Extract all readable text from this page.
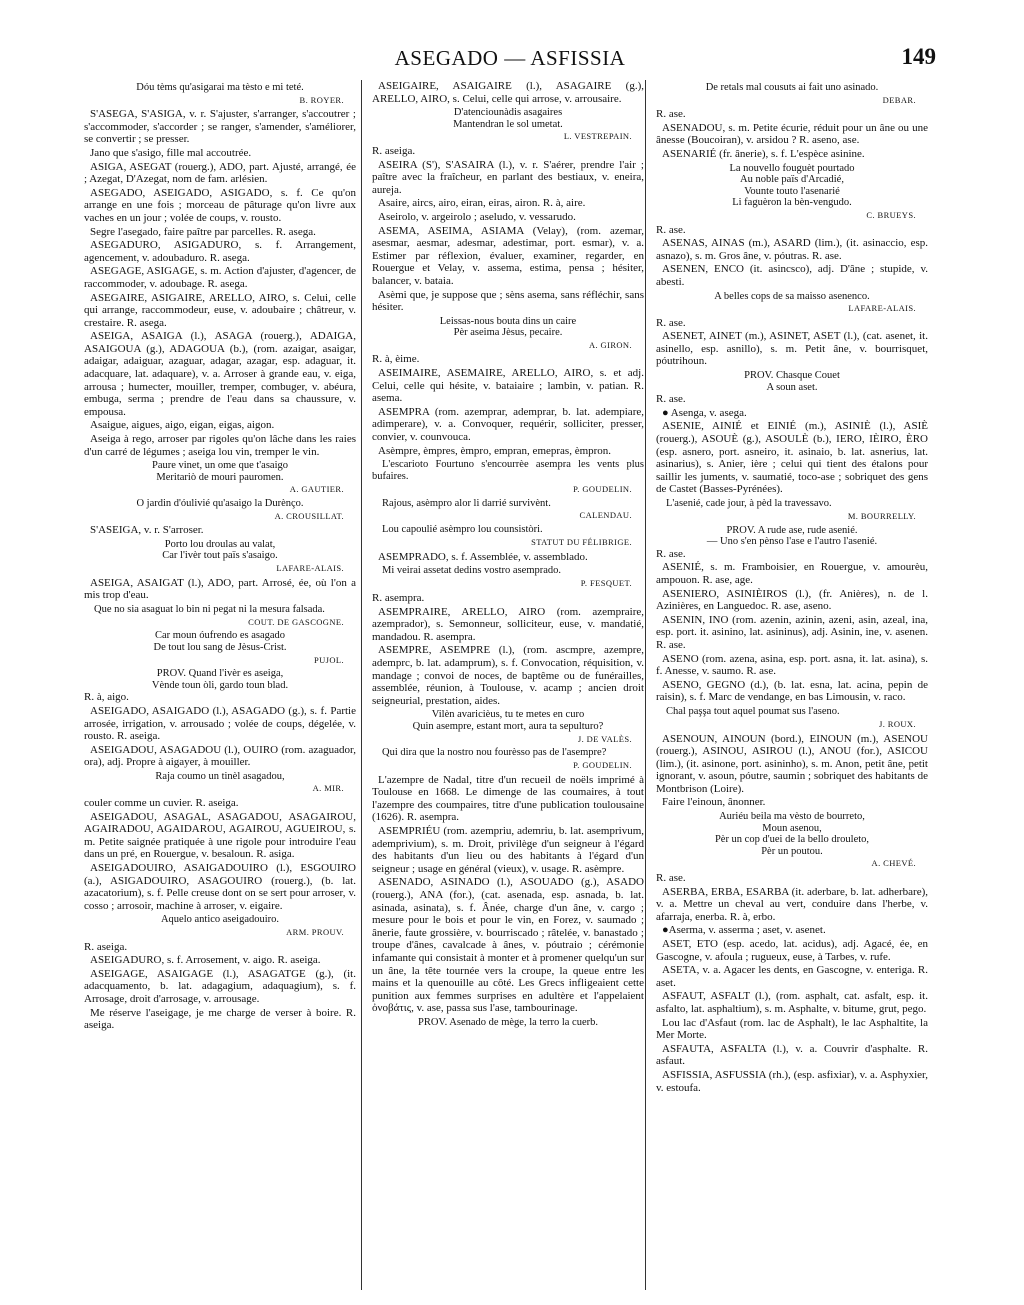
ASEGADO — ASFISSIA	149
Dóu tèms qu'asigarai ma tèsto e mi teté.
B. ROYER.

S'ASEGA, S'ASIGA, v. r. S'ajuster, s'arranger, s'accoutrer ; s'accommoder, s'accorder ; se ranger, s'amender, s'améliorer, se convertir ; se presser.

Jano que s'asigo, fille mal accoutrée.

ASIGA, ASEGAT (rouerg.), ADO, part. Ajusté, arrangé, ée ; Azegat, D'Azegat, nom de fam. arlésien.

ASEGADO, ASEIGADO, ASIGADO, s. f. Ce qu'on arrange en une fois ; morceau de pâturage qu'on livre aux vaches en un jour ; volée de coups, v. rousto.

Segre l'asegado, faire paître par parcelles. R. asega.

ASEGADURO, ASIGADURO, s. f. Arrangement, agencement, v. adoubaduro. R. asega.

ASEGAGE, ASIGAGE, s. m. Action d'ajuster, d'agencer, de raccommoder, v. adoubage. R. asega.

ASEGAIRE, ASIGAIRE, ARELLO, AIRO, s. Celui, celle qui arrange, raccommodeur, euse, v. adoubaire ; châtreur, v. crestaire. R. asega.

ASEIGA, ASAIGA (l.), ASAGA (rouerg.), ADAIGA, ASAIGOUA (g.), ADAGOUA (b.), (rom. azaigar, asaigar, adaigar, adaiguar, azaguar, adagar, azagar, esp. adaguar, it. adacquare, lat. adaquare), v. a. Arroser à grande eau, v. eiga, arrousa ; humecter, mouiller, tremper, combuger, v. abéura, embuga, serma ; prendre de l'eau dans sa chaussure, v. empousa.

Asaigue, aigues, aigo, eigan, eigas, aigon.

Aseiga à rego, arroser par rigoles qu'on lâche dans les raies d'un carré de légumes ; aseiga lou vin, tremper le vin.

Paure vinet, un ome que t'asaigo
Meritariò de mouri pauromen.
A. GAUTIER.
O jardin d'óulivié qu'asaigo la Durènço.
A. CROUSILLAT.

S'ASEIGA, v. r. S'arroser.

Porto lou droulas au valat,
Car l'ivèr tout païs s'asaigo.
LAFARE-ALAIS.

ASEIGA, ASAIGAT (l.), ADO, part. Arrosé, ée, où l'on a mis trop d'eau.

Que no sia asaguat lo bin ni pegat ni la mesura falsada.
COUT. DE GASCOGNE.
Car moun óufrendo es asagado
De tout lou sang de Jèsus-Crist.
PUJOL.
PROV. Quand l'ivèr es aseiga,
Vènde toun òli, gardo toun blad.

R. à, aigo.

ASEIGADO, ASAIGADO (l.), ASAGADO (g.), s. f. Partie arrosée, irrigation, v. arrousado ; volée de coups, dégelée, v. rousto. R. aseiga.

ASEIGADOU, ASAGADOU (l.), OUIRO (rom. azaguador, ora), adj. Propre à aigayer, à mouiller.

Raja coumo un tinèl asagadou,
A. MIR.

couler comme un cuvier. R. aseiga.

ASEIGADOU, ASAGAL, ASAGADOU, ASAGAIROU, AGAIRADOU, AGAIDAROU, AGAIROU, AGUEIROU, s. m. Petite saignée pratiquée à une rigole pour introduire l'eau dans un pré, en Rouergue, v. besaloun. R. asiga.

ASEIGADOUIRO, ASAIGADOUIRO (l.), ESGOUIRO (a.), ASIGADOUIRO, ASAGOUIRO (rouerg.), (b. lat. azacatorium), s. f. Pelle creuse dont on se sert pour arroser, v. cosso ; arrosoir, machine à arroser, v. eigaire.

Aquelo antico aseigadouiro.
ARM. PROUV.

R. aseiga.

ASEIGADURO, s. f. Arrosement, v. aigo. R. aseiga.

ASEIGAGE, ASAIGAGE (l.), ASAGATGE (g.), (it. adacquamento, b. lat. adagagium, adaquagium), s. f. Arrosage, droit d'arrosage, v. arrousage.

Me réserve l'aseigage, je me charge de verser à boire. R. aseiga.

ASEIGAIRE, ASAIGAIRE (l.), ASAGAIRE (g.), ARELLO, AIRO, s. Celui, celle qui arrose, v. arrousaire.

D'atenciounàdis asagaires
Mantendran le sol umetat.
L. VESTREPAIN.

R. aseiga.

ASEIRA (S'), S'ASAIRA (l.), v. r. S'aérer, prendre l'air ; paître avec la fraîcheur, en parlant des bestiaux, v. eneira, aureja.

Asaire, aircs, airo, eiran, eiras, airon. R. à, aire.

Aseirolo, v. argeirolo ; aseludo, v. vessarudo.

ASEMA, ASEIMA, ASIAMA (Velay), (rom. azemar, asesmar, aesmar, adesmar, adestimar, port. esmar), v. a. Estimer par réflexion, évaluer, examiner, regarder, en Rouergue et Velay, v. assema, estima, pensa ; hésiter, balancer, v. bataia.

Asèmi que, je suppose que ; sèns asema, sans réfléchir, sans hésiter.

Leissas-nous bouta dins un caire
Pèr aseima Jèsus, pecaire.
A. GIRON.

R. à, èime.

ASEIMAIRE, ASEMAIRE, ARELLO, AIRO, s. et adj. Celui, celle qui hésite, v. bataiaire ; lambin, v. patian. R. asema.

ASEMPRA (rom. azemprar, ademprar, b. lat. adempiare, adimperare), v. a. Convoquer, requérir, solliciter, presser, convier, v. counvouca.

Asèmpre, èmpres, èmpro, empran, emepras, èmpron.

L'escarioto Fourtuno s'encourrèe asempra les vents plus bufaires.
P. GOUDELIN.
Rajous, asèmpro alor li darrié survivènt.
CALENDAU.
Lou capoulié asèmpro lou counsistòri.
STATUT DU FÉLIBRIGE.

ASEMPRADO, s. f. Assemblée, v. assemblado.

Mi veirai assetat dedins vostro asemprado.
P. FESQUET.

R. asempra.

ASEMPRAIRE, ARELLO, AIRO (rom. azempraire, azemprador), s. Semonneur, solliciteur, euse, v. mandatié, mandadou. R. asempra.

ASEMPRE, ASEMPRE (l.), (rom. ascmpre, azempre, ademprc, b. lat. adamprum), s. f. Convocation, réquisition, v. mandage ; convoi de noces, de baptême ou de funérailles, assemblée, réunion, à Toulouse, v. acamp ; ancien droit seigneurial, prestation, aides.

Vilèn avaricièus, tu te metes en curo
Quin asempre, estant mort, aura ta sepulturo?
J. DE VALÈS.
Qui dira que la nostro nou fourèsso pas de l'asempre?
P. GOUDELIN.

L'azempre de Nadal, titre d'un recueil de noëls imprimé à Toulouse en 1668. Le dimenge de las coumaires, à tout l'azempre des coumpaires, titre d'une publication toulousaine (1626). R. asempra.

ASEMPRIÉU (rom. azempriu, ademriu, b. lat. asemprivum, ademprivium), s. m. Droit, privilège d'un seigneur à l'égard des habitants d'un lieu ou des habitants à l'égard d'un seigneur ; usage en général (vieux), v. usage. R. asèmpre.

ASENADO, ASINADO (l.), ASOUADO (g.), ASADO (rouerg.), ANA (for.), (cat. asenada, esp. asnada, b. lat. asinada, asinata), s. f. Ânée, charge d'un âne, v. cargo ; mesure pour le bois et pour le vin, en Forez, v. saumado ; ânerie, faute grossière, v. bourriscado ; râtelée, v. banastado ; troupe d'ânes, cavalcade à ânes, v. póutraio ; cérémonie infamante qui consistait à monter et à promener quelqu'un sur un âne, la tête tournée vers la croupe, la queue entre les mains et la quenouille au côté. Les Grecs infligeaient cette punition aux femmes surprises en adultère et l'appelaient ὀνοβάτις, v. ase, passa sus l'ase, tambourinage.

PROV. Asenado de mège, la terro la cuerb.
De retals mal cousuts ai fait uno asinado.
DEBAR.

R. ase.

ASENADOU, s. m. Petite écurie, réduit pour un âne ou une ânesse (Boucoiran), v. arsidou ? R. aseno, ase.

ASENARIÉ (fr. ânerie), s. f. L'espèce asinine.

La nouvello fouguèt pourtado
Au noble païs d'Arcadié,
Vounte touto l'asenarié
Li faguèron la bèn-vengudo.
C. BRUEYS.

R. ase.

ASENAS, AINAS (m.), ASARD (lim.), (it. asinaccio, esp. asnazo), s. m. Gros âne, v. póutras. R. ase.

ASENEN, ENCO (it. asincsco), adj. D'âne ; stupide, v. abesti.

A belles cops de sa maisso asenenco.
LAFARE-ALAIS.

R. ase.

ASENET, AINET (m.), ASINET, ASET (l.), (cat. asenet, it. asinello, esp. asnillo), s. m. Petit âne, v. bourrisquet, póutrihoun.

PROV. Chasque Couet
A soun aset.

R. ase.

● Asenga, v. asega.

ASENIE, AINIÉ et EINIÉ (m.), ASINIÈ (l.), ASIÈ (rouerg.), ASOUÈ (g.), ASOULÈ (b.), IERO, IÈIRO, ÈRO (esp. asnero, port. asneiro, it. asinaio, b. lat. asnerius, lat. asinarius), s. Anier, ière ; celui qui tient des étalons pour saillir les juments, v. saumatié, toco-ase ; sobriquet des gens de Castet (Basses-Pyrénées).

L'asenié, cade jour, à pèd la travessavo.
M. BOURRELLY.
PROV. A rude ase, rude asenié.
— Uno s'en pènso l'ase e l'autro l'asenié.

R. ase.

ASENIÉ, s. m. Framboisier, en Rouergue, v. amourèu, ampouon. R. ase, age.

ASENIERO, ASINIÈIROS (l.), (fr. Anières), n. de l. Azinières, en Languedoc. R. ase, aseno.

ASENIN, INO (rom. azenin, azinin, azeni, asin, azeal, ina, esp. port. it. asinino, lat. asininus), adj. Asinin, ine, v. asenen. R. ase.

ASENO (rom. azena, asina, esp. port. asna, it. lat. asina), s. f. Anesse, v. saumo. R. ase.

ASENO, GEGNO (d.), (b. lat. esna, lat. acina, pepin de raisin), s. f. Marc de vendange, en bas Limousin, v. raco.

Chal paşşa tout aquel poumat sus l'aseno.
J. ROUX.

ASENOUN, AINOUN (bord.), EINOUN (m.), ASENOU (rouerg.), ASINOU, ASIROU (l.), ANOU (for.), ASICOU (lim.), (it. asinone, port. asininho), s. m. Anon, petit âne, petit ignorant, v. asoun, póutre, saumin ; sobriquet des habitants de Montbrison (Loire).

Faire l'einoun, ânonner.

Auriéu beila ma vèsto de bourreto,
Moun asenou,
Pèr un cop d'uei de la bello drouleto,
Pèr un poutou.
A. CHEVÉ.

R. ase.

ASERBA, ERBA, ESARBA (it. aderbare, b. lat. adherbare), v. a. Mettre un cheval au vert, conduire dans l'herbe, v. afarraja, enerba. R. à, erbo.

●Aserma, v. asserma ; aset, v. asenet.

ASET, ETO (esp. acedo, lat. acidus), adj. Agacé, ée, en Gascogne, v. afoula ; rugueux, euse, à Tarbes, v. rufe.

ASETA, v. a. Agacer les dents, en Gascogne, v. enteriga. R. aset.

ASFAUT, ASFALT (l.), (rom. asphalt, cat. asfalt, esp. it. asfalto, lat. asphaltium), s. m. Asphalte, v. bitume, grut, pego.

Lou lac d'Asfaut (rom. lac de Asphalt), le lac Asphaltite, la Mer Morte.

ASFAUTA, ASFALTA (l.), v. a. Couvrir d'asphalte. R. asfaut.

ASFISSIA, ASFUSSIA (rh.), (esp. asfixiar), v. a. Asphyxier, v. estoufa.
